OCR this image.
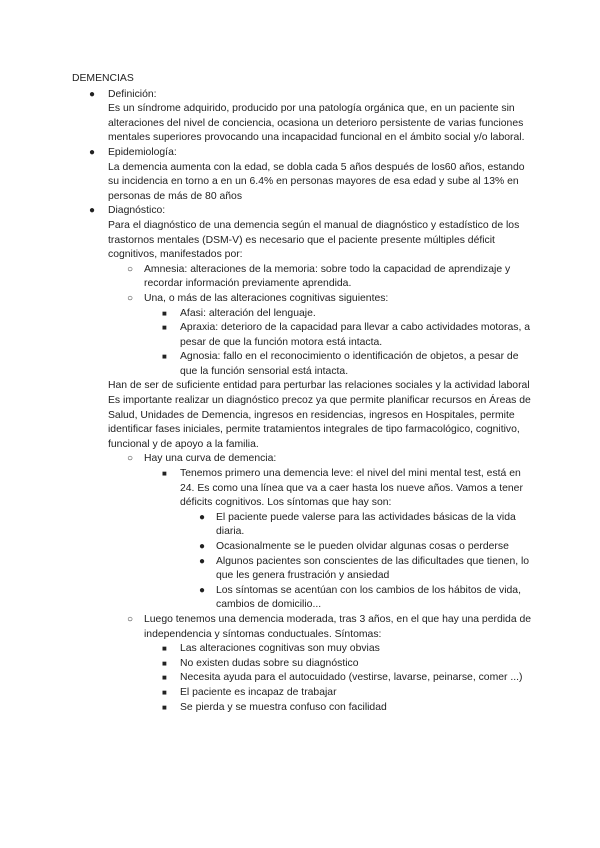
DEMENCIAS
● Definición:
Es un síndrome adquirido, producido por una patología orgánica que, en un paciente sin alteraciones del nivel de conciencia, ocasiona un deterioro persistente de varias funciones mentales superiores provocando una incapacidad funcional en el ámbito social y/o laboral.
● Epidemiología:
La demencia aumenta con la edad, se dobla cada 5 años después de los60 años, estando su incidencia en torno a en un 6.4% en personas mayores de esa edad y sube al 13% en personas de más de 80 años
● Diagnóstico:
Para el diagnóstico de una demencia según el manual de diagnóstico y estadístico de los trastornos mentales (DSM-V) es necesario que el paciente presente múltiples déficit cognitivos, manifestados por:
○ Amnesia: alteraciones de la memoria: sobre todo la capacidad de aprendizaje y recordar información previamente aprendida.
○ Una, o más de las alteraciones cognitivas siguientes:
■ Afasi: alteración del lenguaje.
■ Apraxia: deterioro de la capacidad para llevar a cabo actividades motoras, a pesar de que la función motora está intacta.
■ Agnosia: fallo en el reconocimiento o identificación de objetos, a pesar de que la función sensorial está intacta.
Han de ser de suficiente entidad para perturbar las relaciones sociales y la actividad laboral
Es importante realizar un diagnóstico precoz ya que permite planificar recursos en Áreas de Salud, Unidades de Demencia, ingresos en residencias, ingresos en Hospitales, permite identificar fases iniciales, permite tratamientos integrales de tipo farmacológico, cognitivo, funcional y de apoyo a la familia.
○ Hay una curva de demencia:
■ Tenemos primero una demencia leve: el nivel del mini mental test, está en 24. Es como una línea que va a caer hasta los nueve años. Vamos a tener déficits cognitivos. Los síntomas que hay son:
● El paciente puede valerse para las actividades básicas de la vida diaria.
● Ocasionalmente se le pueden olvidar algunas cosas o perderse
● Algunos pacientes son conscientes de las dificultades que tienen, lo que les genera frustración y ansiedad
● Los síntomas se acentúan con los cambios de los hábitos de vida, cambios de domicilio...
○ Luego tenemos una demencia moderada, tras 3 años, en el que hay una perdida de independencia y síntomas conductuales. Síntomas:
■ Las alteraciones cognitivas son muy obvias
■ No existen dudas sobre su diagnóstico
■ Necesita ayuda para el autocuidado (vestirse, lavarse, peinarse, comer ...)
■ El paciente es incapaz de trabajar
■ Se pierda y se muestra confuso con facilidad
